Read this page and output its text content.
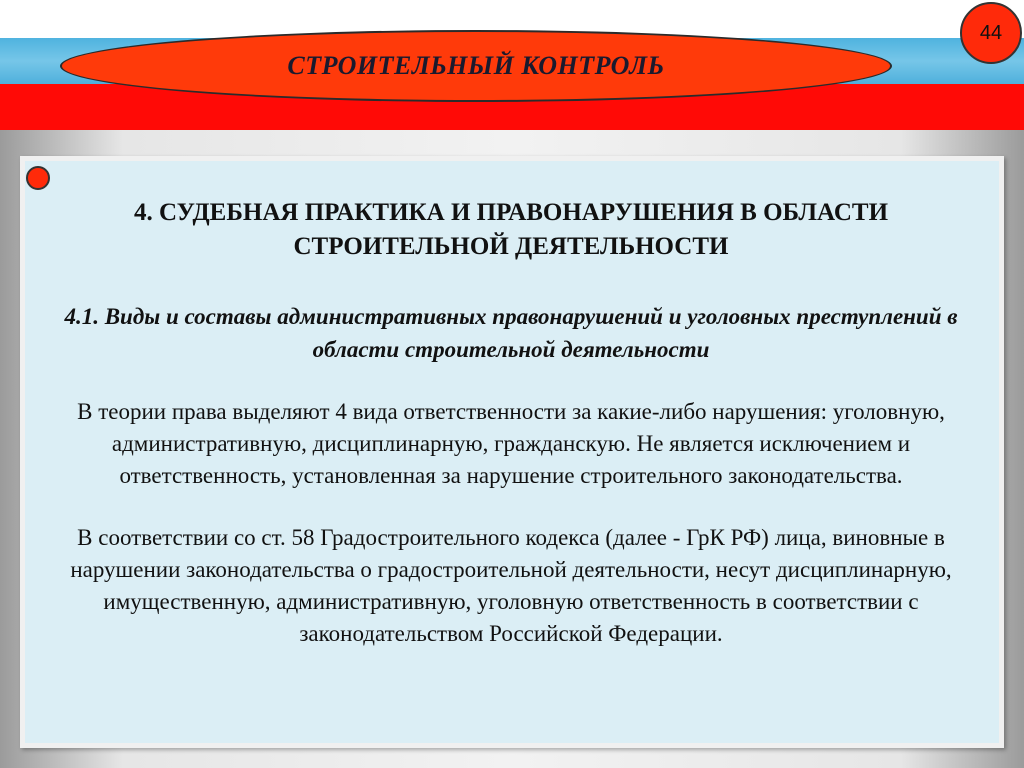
СТРОИТЕЛЬНЫЙ КОНТРОЛЬ
44

4. СУДЕБНАЯ ПРАКТИКА И ПРАВОНАРУШЕНИЯ В ОБЛАСТИ СТРОИТЕЛЬНОЙ ДЕЯТЕЛЬНОСТИ

4.1. Виды и составы административных правонарушений и уголовных преступлений в области строительной деятельности

В теории права выделяют 4 вида ответственности за какие-либо нарушения: уголовную, административную, дисциплинарную, гражданскую. Не является исключением и ответственность, установленная за нарушение строительного законодательства.

В соответствии со ст. 58 Градостроительного кодекса (далее - ГрК РФ) лица, виновные в нарушении законодательства о градостроительной деятельности, несут дисциплинарную, имущественную, административную, уголовную ответственность в соответствии с законодательством Российской Федерации.
